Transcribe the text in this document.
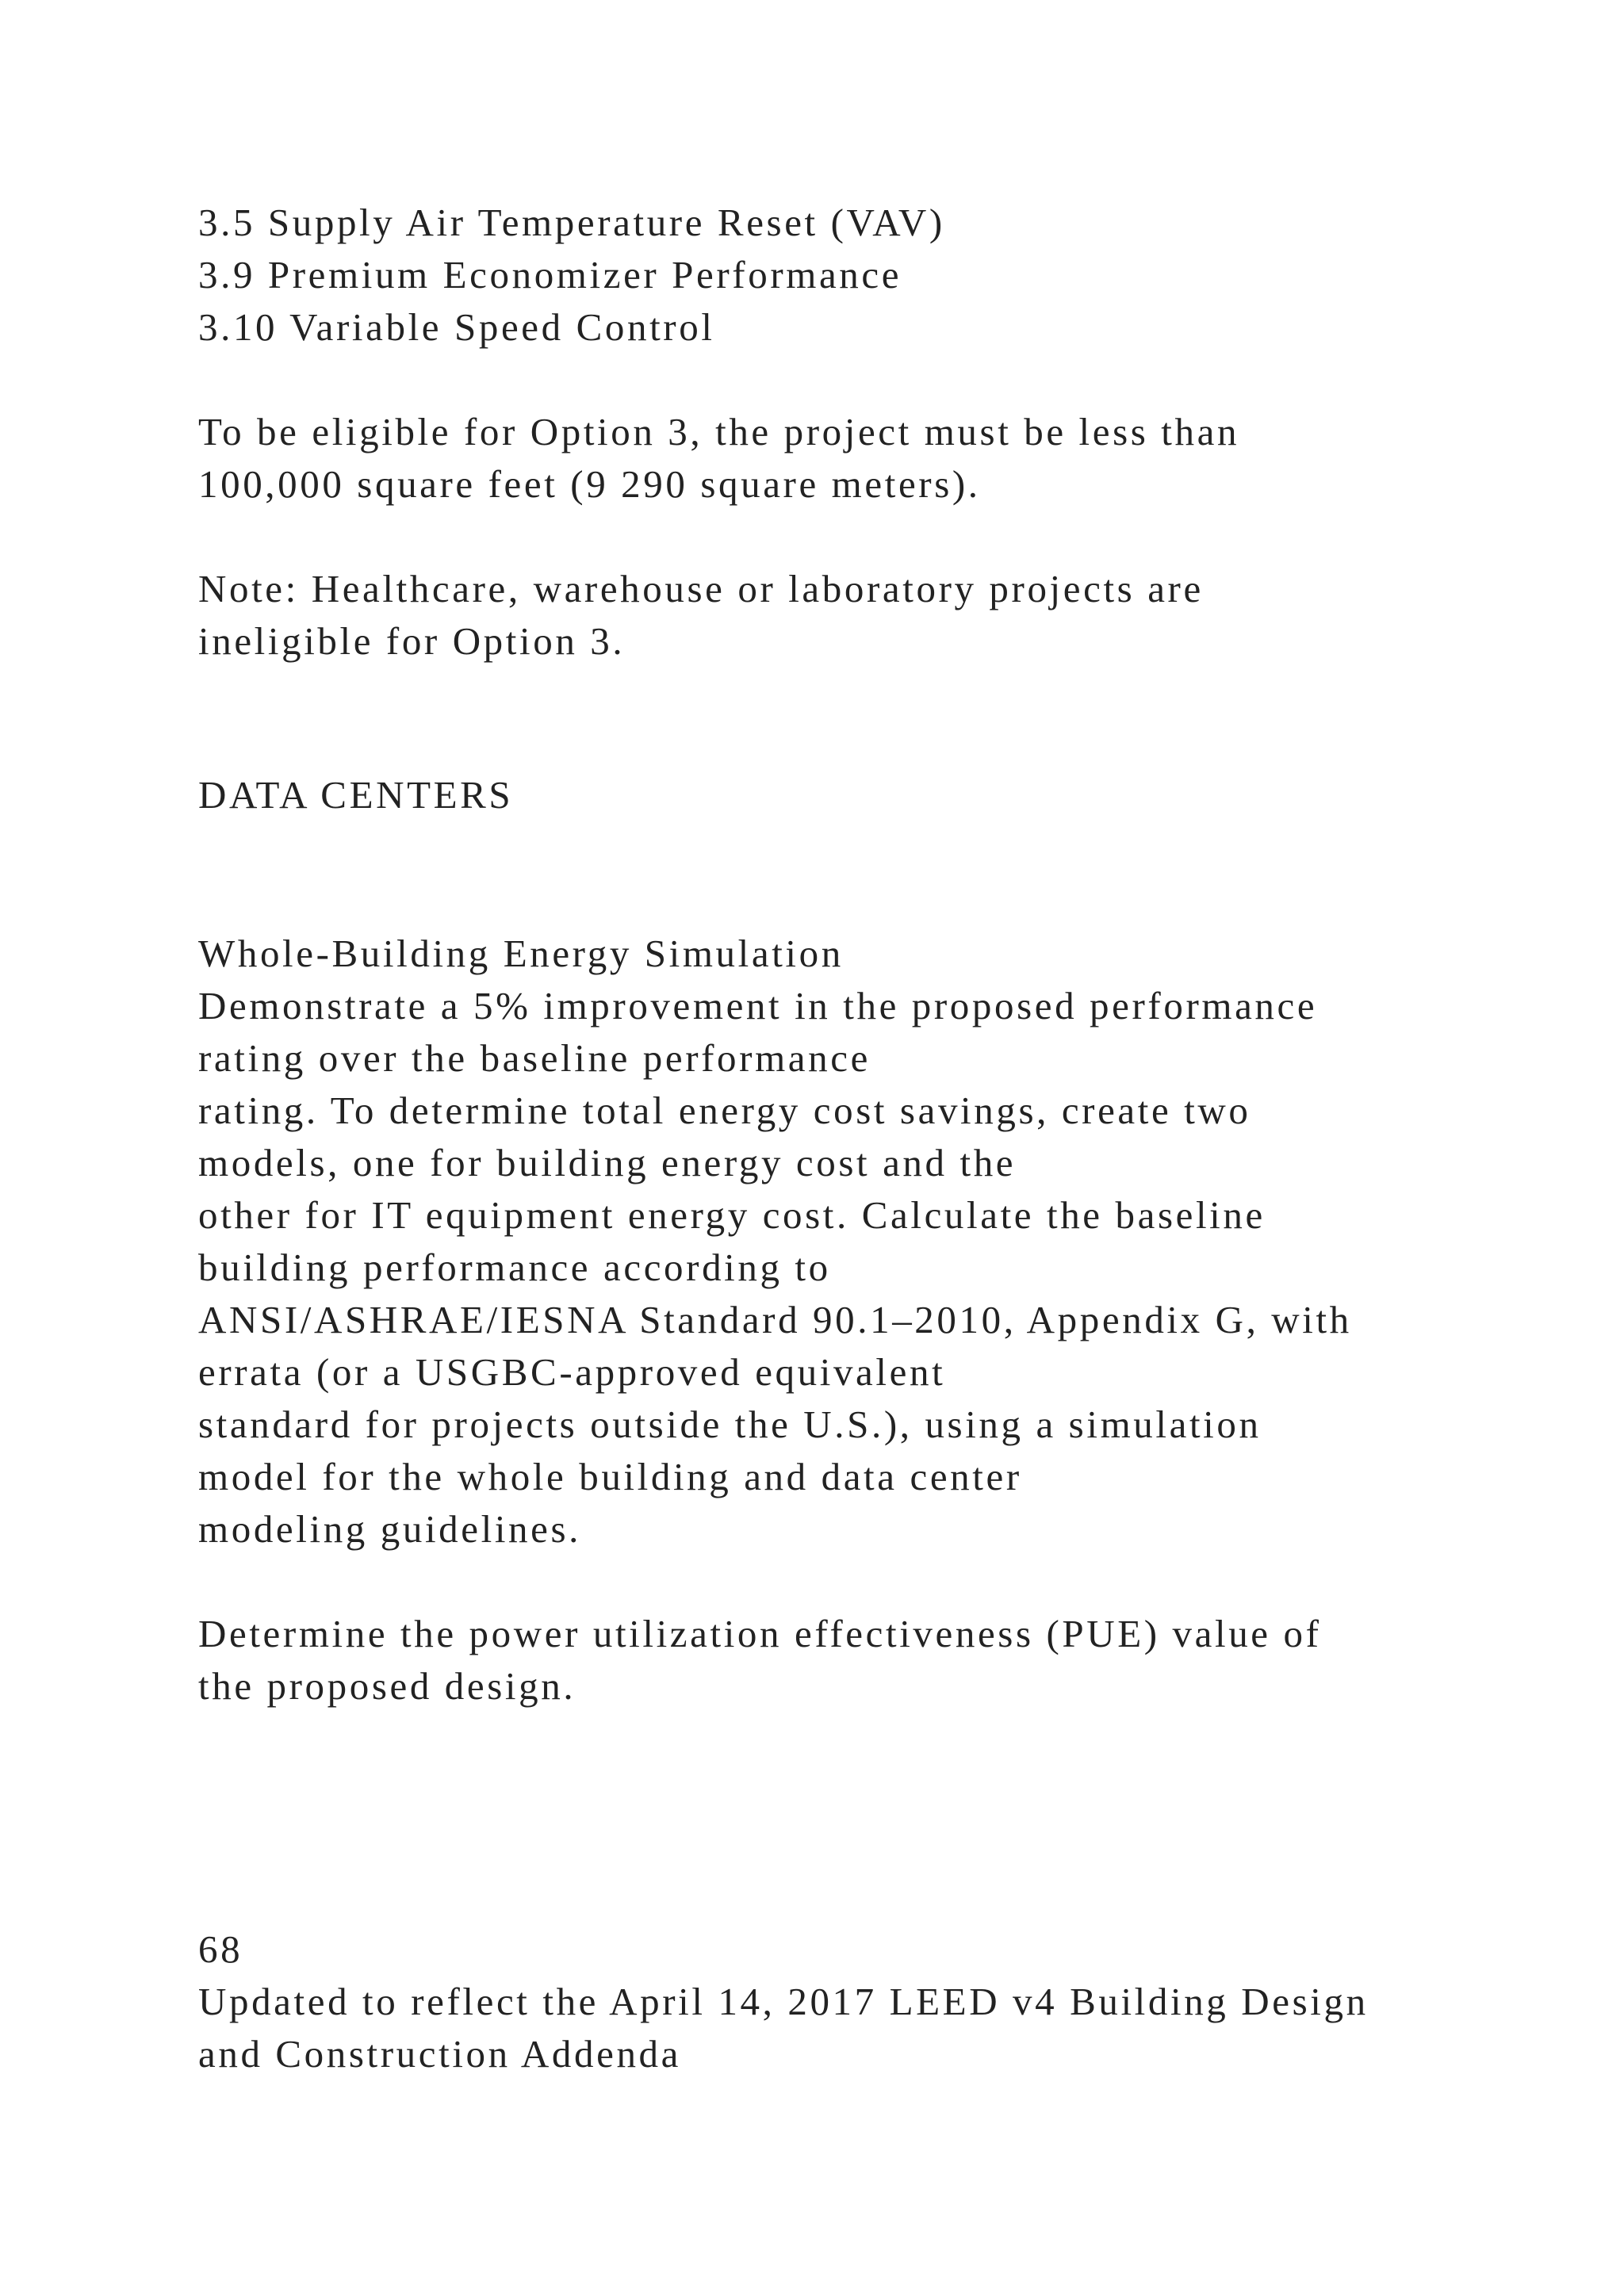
3.5 Supply Air Temperature Reset (VAV)
3.9 Premium Economizer Performance
3.10 Variable Speed Control
To be eligible for Option 3, the project must be less than
100,000 square feet (9 290 square meters).
Note: Healthcare, warehouse or laboratory projects are
ineligible for Option 3.
DATA CENTERS
Whole-Building Energy Simulation
Demonstrate a 5% improvement in the proposed performance
rating over the baseline performance
rating. To determine total energy cost savings, create two
models, one for building energy cost and the
other for IT equipment energy cost. Calculate the baseline
building performance according to
ANSI/ASHRAE/IESNA Standard 90.1–2010, Appendix G, with
errata (or a USGBC-approved equivalent
standard for projects outside the U.S.), using a simulation
model for the whole building and data center
modeling guidelines.
Determine the power utilization effectiveness (PUE) value of
the proposed design.
68
Updated to reflect the April 14, 2017 LEED v4 Building Design
and Construction Addenda
